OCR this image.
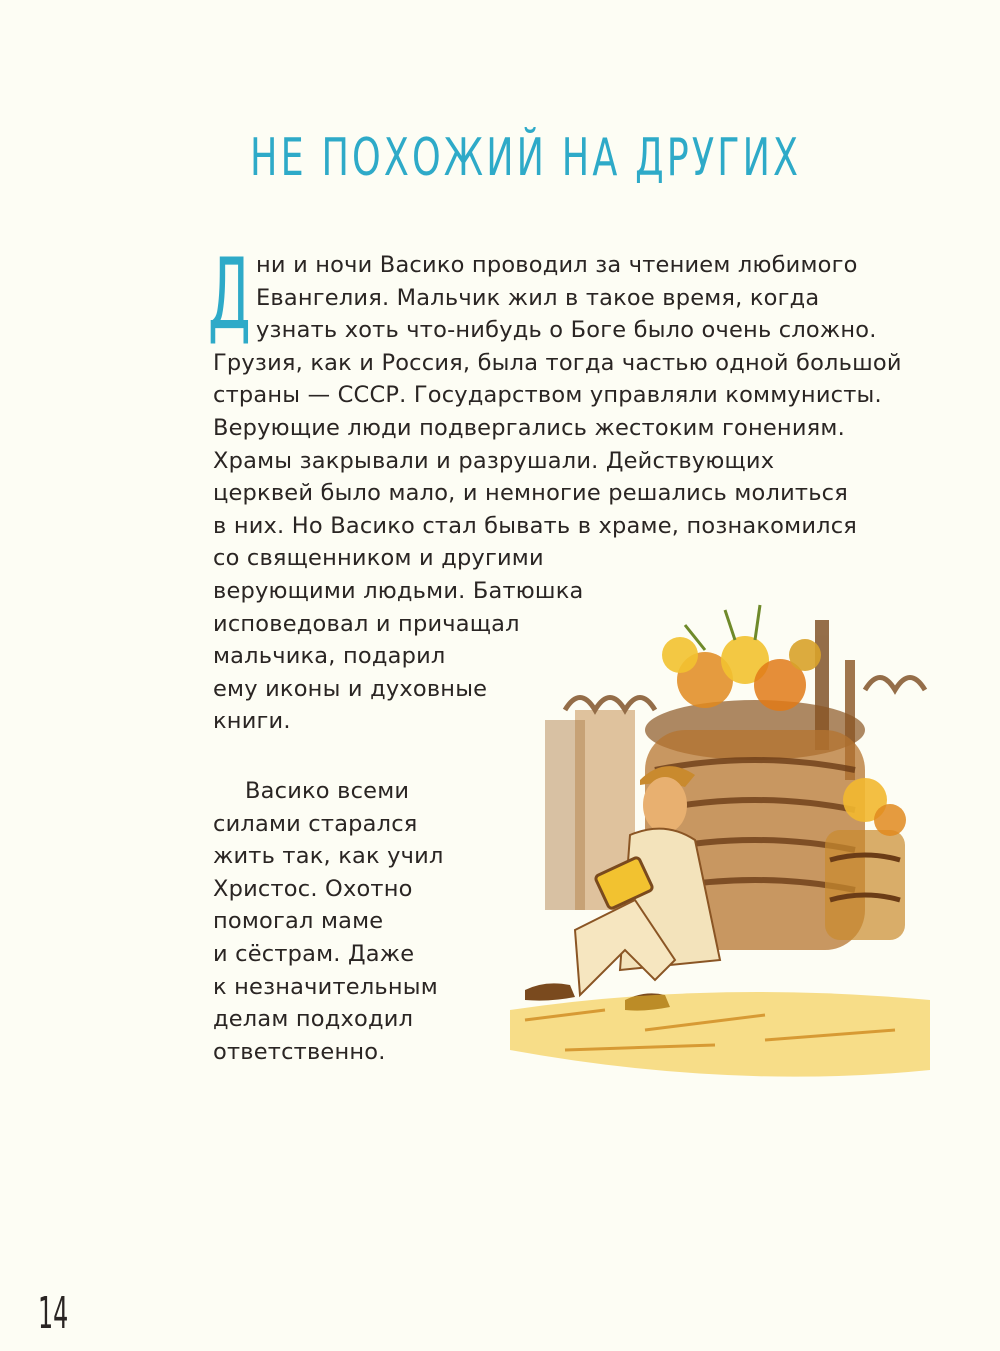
НЕ ПОХОЖИЙ НА ДРУГИХ
Д ни и ночи Васико проводил за чтением любимого
Евангелия. Мальчик жил в такое время, когда
узнать хоть что-нибудь о Боге было очень сложно.
Грузия, как и Россия, была тогда частью одной большой
страны — СССР. Государством управляли коммунисты.
Верующие люди подвергались жестоким гонениям.
Храмы закрывали и разрушали. Действующих
церквей было мало, и немногие решались молиться
в них. Но Васико стал бывать в храме, познакомился
со священником и другими
верующими людьми. Батюшка
исповедовал и причащал
мальчика, подарил
ему иконы и духовные
книги.
Васико всеми
силами старался
жить так, как учил
Христос. Охотно
помогал маме
и сёстрам. Даже
к незначительным
делам подходил
ответственно.
14
